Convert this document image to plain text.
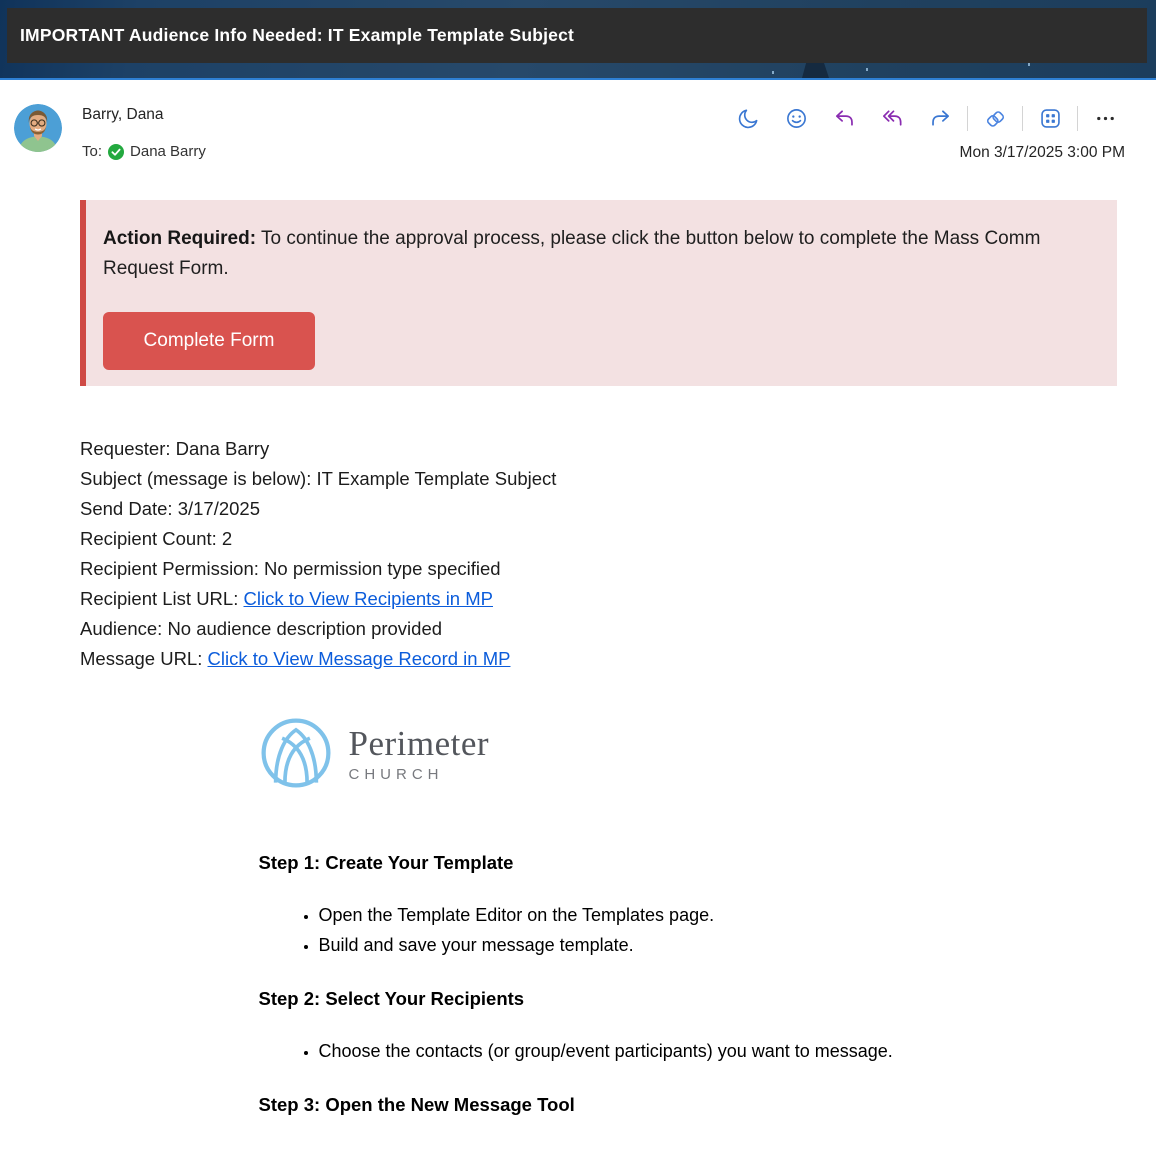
IMPORTANT Audience Info Needed: IT Example Template Subject
Barry, Dana
To: Dana Barry	Mon 3/17/2025 3:00 PM
Action Required: To continue the approval process, please click the button below to complete the Mass Comm Request Form.
Complete Form
Requester: Dana Barry
Subject (message is below): IT Example Template Subject
Send Date: 3/17/2025
Recipient Count: 2
Recipient Permission: No permission type specified
Recipient List URL: Click to View Recipients in MP
Audience: No audience description provided
Message URL: Click to View Message Record in MP
Perimeter
CHURCH
Step 1: Create Your Template
• Open the Template Editor on the Templates page.
• Build and save your message template.
Step 2: Select Your Recipients
• Choose the contacts (or group/event participants) you want to message.
Step 3: Open the New Message Tool
